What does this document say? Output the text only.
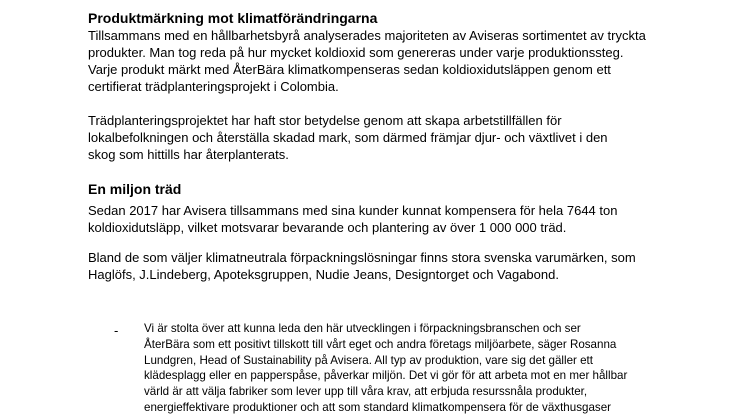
Produktmärkning mot klimatförändringarna

Tillsammans med en hållbarhetsbyrå analyserades majoriteten av Aviseras sortimentet av tryckta
produkter. Man tog reda på hur mycket koldioxid som genereras under varje produktionssteg.
Varje produkt märkt med ÅterBära klimatkompenseras sedan koldioxidutsläppen genom ett
certifierat trädplanteringsprojekt i Colombia.

Trädplanteringsprojektet har haft stor betydelse genom att skapa arbetstillfällen för
lokalbefolkningen och återställa skadad mark, som därmed främjar djur- och växtlivet i den
skog som hittills har återplanterats.

En miljon träd

Sedan 2017 har Avisera tillsammans med sina kunder kunnat kompensera för hela 7644 ton
koldioxidutsläpp, vilket motsvarar bevarande och plantering av över 1 000 000 träd.

Bland de som väljer klimatneutrala förpackningslösningar finns stora svenska varumärken, som
Haglöfs, J.Lindeberg, Apoteksgruppen, Nudie Jeans, Designtorget och Vagabond.

- Vi är stolta över att kunna leda den här utvecklingen i förpackningsbranschen och ser
ÅterBära som ett positivt tillskott till vårt eget och andra företags miljöarbete, säger Rosanna
Lundgren, Head of Sustainability på Avisera. All typ av produktion, vare sig det gäller ett
klädesplagg eller en papperspåse, påverkar miljön. Det vi gör för att arbeta mot en mer hållbar
värld är att välja fabriker som lever upp till våra krav, att erbjuda resurssnåla produkter,
energieffektivare produktioner och att som standard klimatkompensera för de växthusgaser
